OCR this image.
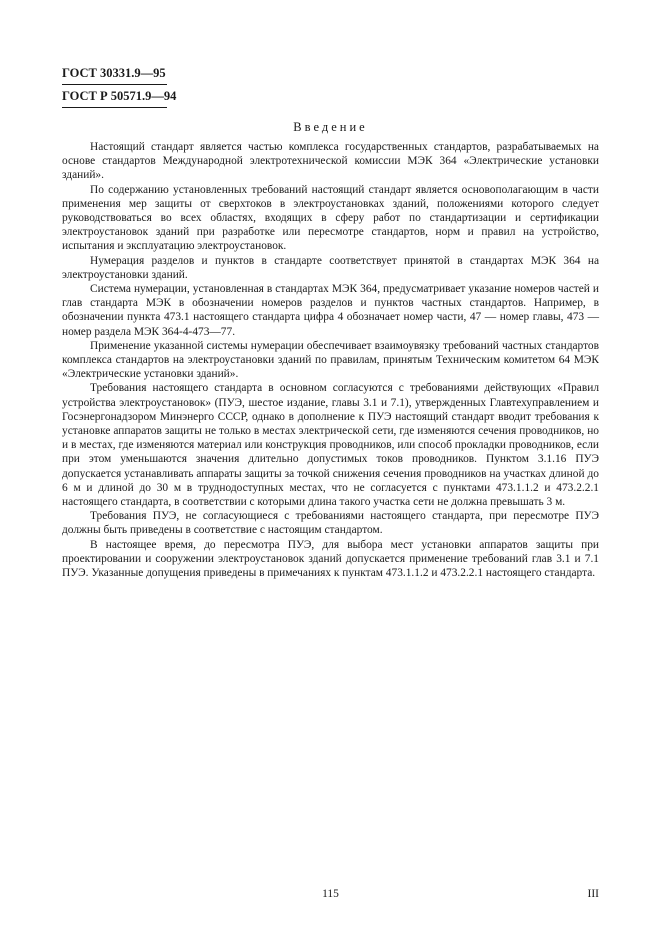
ГОСТ 30331.9—95
ГОСТ Р 50571.9—94
Введение

Настоящий стандарт является частью комплекса государственных стандартов, разрабатываемых на основе стандартов Международной электротехнической комиссии МЭК 364 «Электрические установки зданий».

По содержанию установленных требований настоящий стандарт является основополагающим в части применения мер защиты от сверхтоков в электроустановках зданий, положениями которого следует руководствоваться во всех областях, входящих в сферу работ по стандартизации и сертификации электроустановок зданий при разработке или пересмотре стандартов, норм и правил на устройство, испытания и эксплуатацию электроустановок.

Нумерация разделов и пунктов в стандарте соответствует принятой в стандартах МЭК 364 на электроустановки зданий.

Система нумерации, установленная в стандартах МЭК 364, предусматривает указание номеров частей и глав стандарта МЭК в обозначении номеров разделов и пунктов частных стандартов. Например, в обозначении пункта 473.1 настоящего стандарта цифра 4 обозначает номер части, 47 — номер главы, 473 — номер раздела МЭК 364-4-473—77.

Применение указанной системы нумерации обеспечивает взаимоувязку требований частных стандартов комплекса стандартов на электроустановки зданий по правилам, принятым Техническим комитетом 64 МЭК «Электрические установки зданий».

Требования настоящего стандарта в основном согласуются с требованиями действующих «Правил устройства электроустановок» (ПУЭ, шестое издание, главы 3.1 и 7.1), утвержденных Главтехуправлением и Госэнергонадзором Минэнерго СССР, однако в дополнение к ПУЭ настоящий стандарт вводит требования к установке аппаратов защиты не только в местах электрической сети, где изменяются сечения проводников, но и в местах, где изменяются материал или конструкция проводников, или способ прокладки проводников, если при этом уменьшаются значения длительно допустимых токов проводников. Пунктом 3.1.16 ПУЭ допускается устанавливать аппараты защиты за точкой снижения сечения проводников на участках длиной до 6 м и длиной до 30 м в труднодоступных местах, что не согласуется с пунктами 473.1.1.2 и 473.2.2.1 настоящего стандарта, в соответствии с которыми длина такого участка сети не должна превышать 3 м.

Требования ПУЭ, не согласующиеся с требованиями настоящего стандарта, при пересмотре ПУЭ должны быть приведены в соответствие с настоящим стандартом.

В настоящее время, до пересмотра ПУЭ, для выбора мест установки аппаратов защиты при проектировании и сооружении электроустановок зданий допускается применение требований глав 3.1 и 7.1 ПУЭ. Указанные допущения приведены в примечаниях к пунктам 473.1.1.2 и 473.2.2.1 настоящего стандарта.

115	III
